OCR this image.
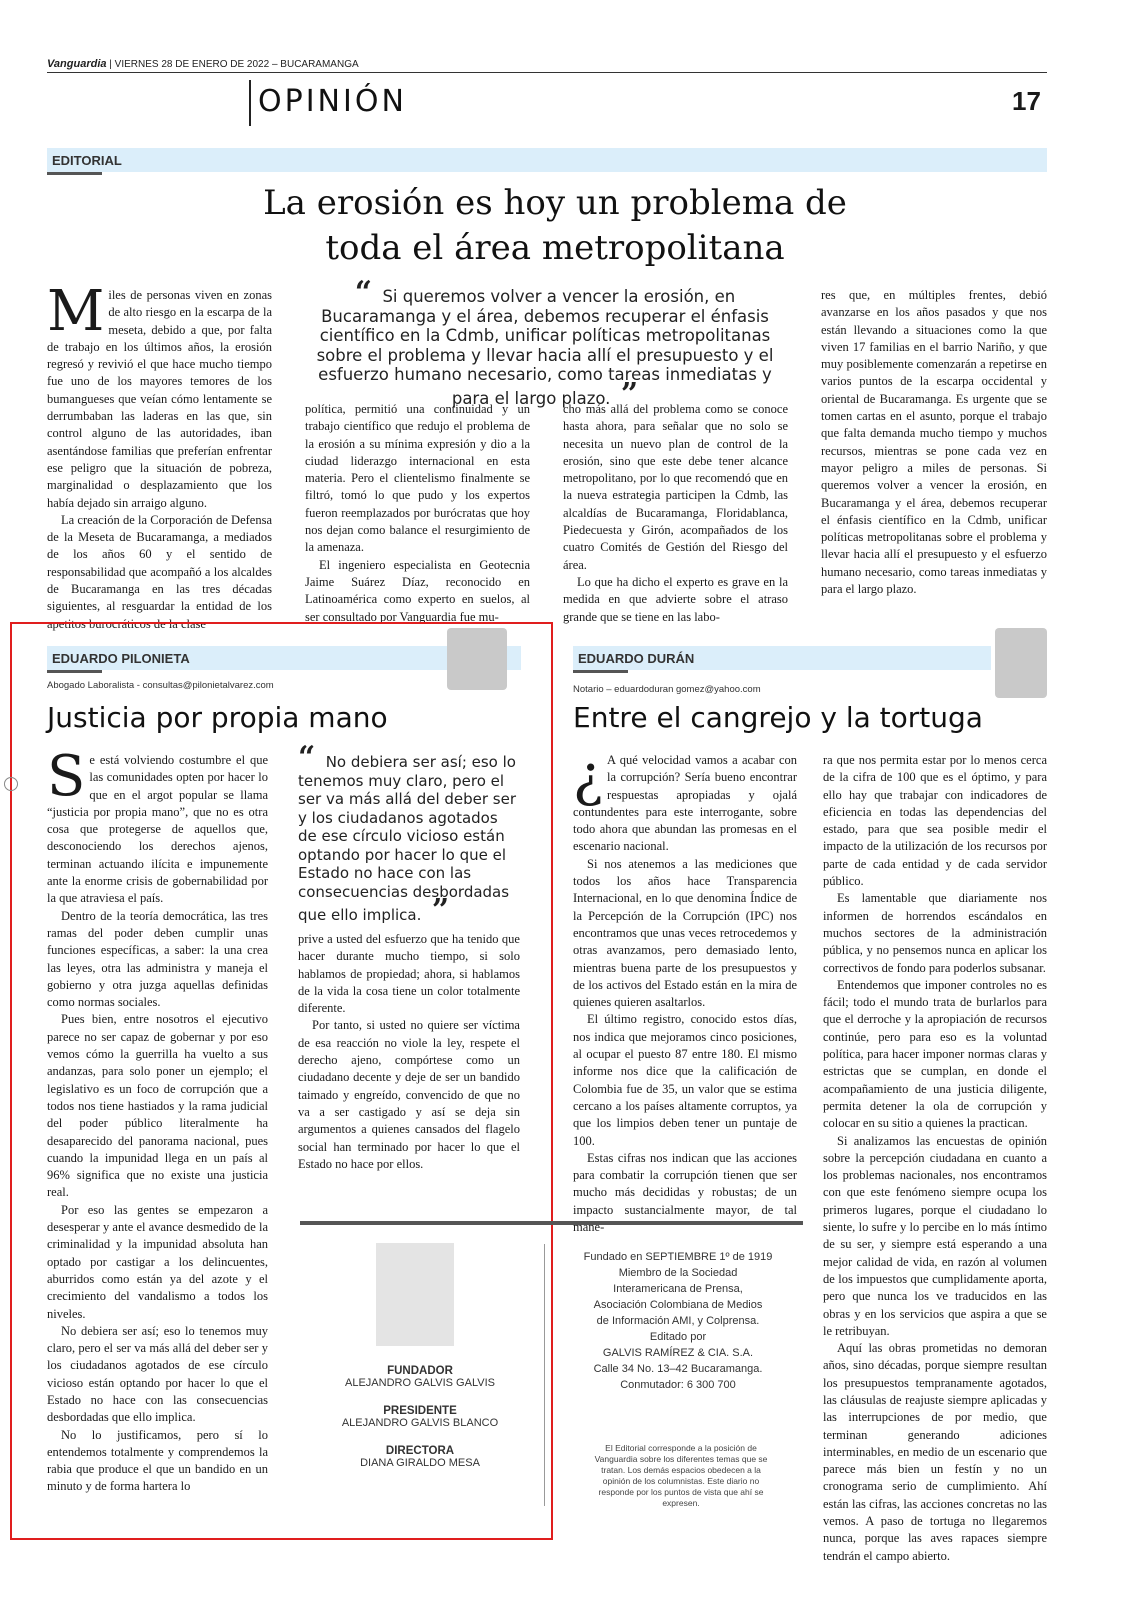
Vanguardia | VIERNES 28 DE ENERO DE 2022 – BUCARAMANGA
OPINIÓN	17
EDITORIAL
La erosión es hoy un problema de toda el área metropolitana
“ Si queremos volver a vencer la erosión, en Bucaramanga y el área, debemos recuperar el énfasis científico en la Cdmb, unificar políticas metropolitanas sobre el problema y llevar hacia allí el presupuesto y el esfuerzo humano necesario, como tareas inmediatas y para el largo plazo. ”

Miles de personas viven en zonas de alto riesgo en la escarpa de la meseta, debido a que, por falta de trabajo en los últimos años, la erosión regresó y revivió el que hace mucho tiempo fue uno de los mayores temores de los bumangueses que veían cómo lentamente se derrumbaban las laderas en las que, sin control alguno de las autoridades, iban asentándose familias que preferían enfrentar ese peligro que la situación de pobreza, marginalidad o desplazamiento que los había dejado sin arraigo alguno.

La creación de la Corporación de Defensa de la Meseta de Bucaramanga, a mediados de los años 60 y el sentido de responsabilidad que acompañó a los alcaldes de Bucaramanga en las tres décadas siguientes, al resguardar la entidad de los apetitos burocráticos de la clase

política, permitió una continuidad y un trabajo científico que redujo el problema de la erosión a su mínima expresión y dio a la ciudad liderazgo internacional en esta materia. Pero el clientelismo finalmente se filtró, tomó lo que pudo y los expertos fueron reemplazados por burócratas que hoy nos dejan como balance el resurgimiento de la amenaza.

El ingeniero especialista en Geotecnia Jaime Suárez Díaz, reconocido en Latinoamérica como experto en suelos, al ser consultado por Vanguardia fue mu-

cho más allá del problema como se conoce hasta ahora, para señalar que no solo se necesita un nuevo plan de control de la erosión, sino que este debe tener alcance metropolitano, por lo que recomendó que en la nueva estrategia participen la Cdmb, las alcaldías de Bucaramanga, Floridablanca, Piedecuesta y Girón, acompañados de los cuatro Comités de Gestión del Riesgo del área.

Lo que ha dicho el experto es grave en la medida en que advierte sobre el atraso grande que se tiene en las labo-

res que, en múltiples frentes, debió avanzarse en los años pasados y que nos están llevando a situaciones como la que viven 17 familias en el barrio Nariño, y que muy posiblemente comenzarán a repetirse en varios puntos de la escarpa occidental y oriental de Bucaramanga. Es urgente que se tomen cartas en el asunto, porque el trabajo que falta demanda mucho tiempo y muchos recursos, mientras se pone cada vez en mayor peligro a miles de personas. Si queremos volver a vencer la erosión, en Bucaramanga y el área, debemos recuperar el énfasis científico en la Cdmb, unificar políticas metropolitanas sobre el problema y llevar hacia allí el presupuesto y el esfuerzo humano necesario, como tareas inmediatas y para el largo plazo.

EDUARDO PILONIETA
Abogado Laboralista - consultas@pilonietalvarez.com
Justicia por propia mano

Se está volviendo costumbre el que las comunidades opten por hacer lo que en el argot popular se llama “justicia por propia mano”, que no es otra cosa que protegerse de aquellos que, desconociendo los derechos ajenos, terminan actuando ilícita e impunemente ante la enorme crisis de gobernabilidad por la que atraviesa el país.

Dentro de la teoría democrática, las tres ramas del poder deben cumplir unas funciones específicas, a saber: la una crea las leyes, otra las administra y maneja el gobierno y otra juzga aquellas definidas como normas sociales.

Pues bien, entre nosotros el ejecutivo parece no ser capaz de gobernar y por eso vemos cómo la guerrilla ha vuelto a sus andanzas, para solo poner un ejemplo; el legislativo es un foco de corrupción que a todos nos tiene hastiados y la rama judicial del poder público literalmente ha desaparecido del panorama nacional, pues cuando la impunidad llega en un país al 96% significa que no existe una justicia real.

Por eso las gentes se empezaron a desesperar y ante el avance desmedido de la criminalidad y la impunidad absoluta han optado por castigar a los delincuentes, aburridos como están ya del azote y el crecimiento del vandalismo a todos los niveles.

No debiera ser así; eso lo tenemos muy claro, pero el ser va más allá del deber ser y los ciudadanos agotados de ese círculo vicioso están optando por hacer lo que el Estado no hace con las consecuencias desbordadas que ello implica.

No lo justificamos, pero sí lo entendemos totalmente y comprendemos la rabia que produce el que un bandido en un minuto y de forma hartera lo

“ No debiera ser así; eso lo tenemos muy claro, pero el ser va más allá del deber ser y los ciudadanos agotados de ese círculo vicioso están optando por hacer lo que el Estado no hace con las consecuencias desbordadas que ello implica. ”

prive a usted del esfuerzo que ha tenido que hacer durante mucho tiempo, si solo hablamos de propiedad; ahora, si hablamos de la vida la cosa tiene un color totalmente diferente.

Por tanto, si usted no quiere ser víctima de esa reacción no viole la ley, respete el derecho ajeno, compórtese como un ciudadano decente y deje de ser un bandido taimado y engreído, convencido de que no va a ser castigado y así se deja sin argumentos a quienes cansados del flagelo social han terminado por hacer lo que el Estado no hace por ellos.

FUNDADOR
ALEJANDRO GALVIS GALVIS
PRESIDENTE
ALEJANDRO GALVIS BLANCO
DIRECTORA
DIANA GIRALDO MESA
Fundado en SEPTIEMBRE 1º de 1919
Miembro de la Sociedad
Interamericana de Prensa,
Asociación Colombiana de Medios
de Información AMI, y Colprensa.
Editado por
GALVIS RAMÍREZ & CIA. S.A.
Calle 34 No. 13–42 Bucaramanga.
Conmutador: 6 300 700
El Editorial corresponde a la posición de Vanguardia sobre los diferentes temas que se tratan. Los demás espacios obedecen a la opinión de los columnistas. Este diario no responde por los puntos de vista que ahí se expresen.
EDUARDO DURÁN
Notario – eduardoduran gomez@yahoo.com
Entre el cangrejo y la tortuga

¿ A qué velocidad vamos a acabar con la corrupción? Sería bueno encontrar respuestas apropiadas y ojalá contundentes para este interrogante, sobre todo ahora que abundan las promesas en el escenario nacional.

Si nos atenemos a las mediciones que todos los años hace Transparencia Internacional, en lo que denomina Índice de la Percepción de la Corrupción (IPC) nos encontramos que unas veces retrocedemos y otras avanzamos, pero demasiado lento, mientras buena parte de los presupuestos y de los activos del Estado están en la mira de quienes quieren asaltarlos.

El último registro, conocido estos días, nos indica que mejoramos cinco posiciones, al ocupar el puesto 87 entre 180. El mismo informe nos dice que la calificación de Colombia fue de 35, un valor que se estima cercano a los países altamente corruptos, ya que los limpios deben tener un puntaje de 100.

Estas cifras nos indican que las acciones para combatir la corrupción tienen que ser mucho más decididas y robustas; de un impacto sustancialmente mayor, de tal mane-

ra que nos permita estar por lo menos cerca de la cifra de 100 que es el óptimo, y para ello hay que trabajar con indicadores de eficiencia en todas las dependencias del estado, para que sea posible medir el impacto de la utilización de los recursos por parte de cada entidad y de cada servidor público.

Es lamentable que diariamente nos informen de horrendos escándalos en muchos sectores de la administración pública, y no pensemos nunca en aplicar los correctivos de fondo para poderlos subsanar.

Entendemos que imponer controles no es fácil; todo el mundo trata de burlarlos para que el derroche y la apropiación de recursos continúe, pero para eso es la voluntad política, para hacer imponer normas claras y estrictas que se cumplan, en donde el acompañamiento de una justicia diligente, permita detener la ola de corrupción y colocar en su sitio a quienes la practican.

Si analizamos las encuestas de opinión sobre la percepción ciudadana en cuanto a los problemas nacionales, nos encontramos con que este fenómeno siempre ocupa los primeros lugares, porque el ciudadano lo siente, lo sufre y lo percibe en lo más íntimo de su ser, y siempre está esperando a una mejor calidad de vida, en razón al volumen de los impuestos que cumplidamente aporta, pero que nunca los ve traducidos en las obras y en los servicios que aspira a que se le retribuyan.

Aquí las obras prometidas no demoran años, sino décadas, porque siempre resultan los presupuestos tempranamente agotados, las cláusulas de reajuste siempre aplicadas y las interrupciones de por medio, que terminan generando adiciones interminables, en medio de un escenario que parece más bien un festín y no un cronograma serio de cumplimiento. Ahí están las cifras, las acciones concretas no las vemos. A paso de tortuga no llegaremos nunca, porque las aves rapaces siempre tendrán el campo abierto.
